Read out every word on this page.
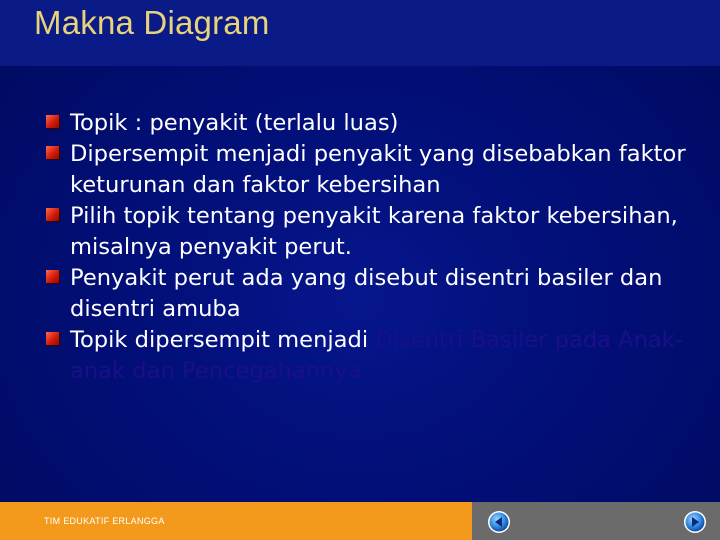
Makna Diagram
Topik : penyakit (terlalu luas)
Dipersempit menjadi penyakit yang disebabkan faktor keturunan dan faktor kebersihan
Pilih topik tentang penyakit karena faktor kebersihan, misalnya penyakit perut.
Penyakit perut ada yang disebut disentri basiler dan disentri amuba
Topik dipersempit menjadi Disentri Basiler pada Anak-anak dan Pencegahannya.
TIM EDUKATIF ERLANGGA
